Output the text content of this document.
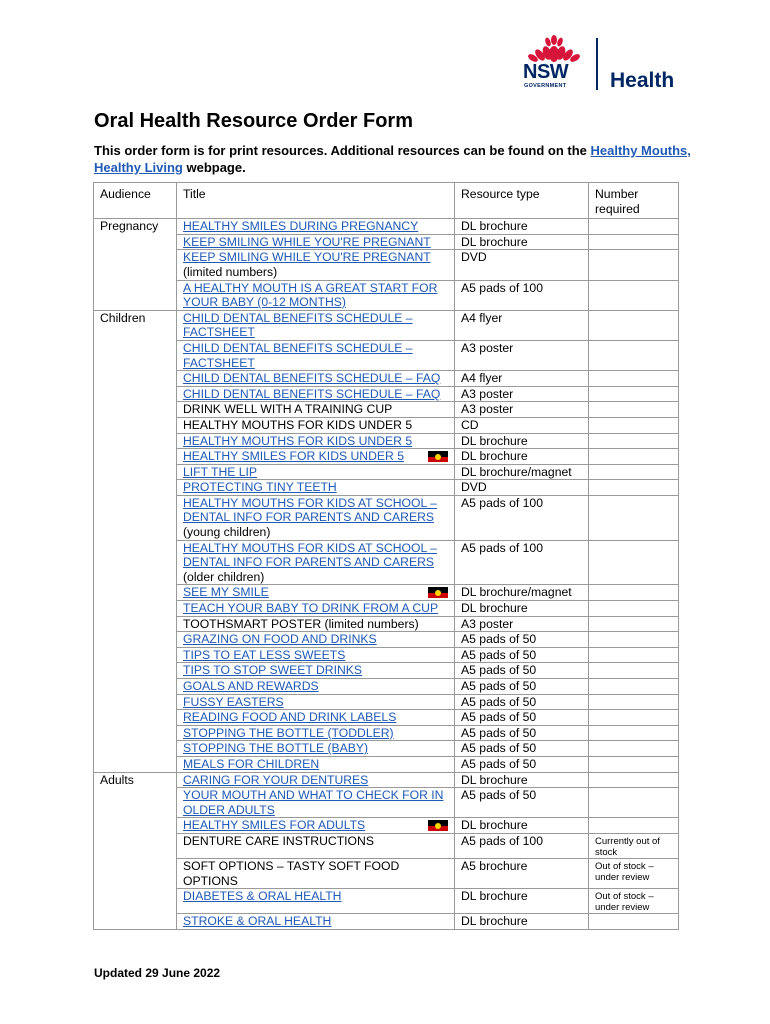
NSW
GOVERNMENT Health
Oral Health Resource Order Form

This order form is for print resources. Additional resources can be found on the Healthy Mouths, Healthy Living webpage.

Audience	Title	Resource type	Number required
Pregnancy	HEALTHY SMILES DURING PREGNANCY	DL brochure	
	KEEP SMILING WHILE YOU'RE PREGNANT	DL brochure	
	KEEP SMILING WHILE YOU'RE PREGNANT (limited numbers)	DVD	
	A HEALTHY MOUTH IS A GREAT START FOR YOUR BABY (0-12 MONTHS)	A5 pads of 100	
Children	CHILD DENTAL BENEFITS SCHEDULE – FACTSHEET	A4 flyer	
	CHILD DENTAL BENEFITS SCHEDULE – FACTSHEET	A3 poster	
	CHILD DENTAL BENEFITS SCHEDULE – FAQ	A4 flyer	
	CHILD DENTAL BENEFITS SCHEDULE – FAQ	A3 poster	
	DRINK WELL WITH A TRAINING CUP	A3 poster	
	HEALTHY MOUTHS FOR KIDS UNDER 5	CD	
	HEALTHY MOUTHS FOR KIDS UNDER 5	DL brochure	
	HEALTHY SMILES FOR KIDS UNDER 5	DL brochure	
	LIFT THE LIP	DL brochure/magnet	
	PROTECTING TINY TEETH	DVD	
	HEALTHY MOUTHS FOR KIDS AT SCHOOL – DENTAL INFO FOR PARENTS AND CARERS (young children)	A5 pads of 100	
	HEALTHY MOUTHS FOR KIDS AT SCHOOL – DENTAL INFO FOR PARENTS AND CARERS (older children)	A5 pads of 100	
	SEE MY SMILE	DL brochure/magnet	
	TEACH YOUR BABY TO DRINK FROM A CUP	DL brochure	
	TOOTHSMART POSTER (limited numbers)	A3 poster	
	GRAZING ON FOOD AND DRINKS	A5 pads of 50	
	TIPS TO EAT LESS SWEETS	A5 pads of 50	
	TIPS TO STOP SWEET DRINKS	A5 pads of 50	
	GOALS AND REWARDS	A5 pads of 50	
	FUSSY EASTERS	A5 pads of 50	
	READING FOOD AND DRINK LABELS	A5 pads of 50	
	STOPPING THE BOTTLE (TODDLER)	A5 pads of 50	
	STOPPING THE BOTTLE (BABY)	A5 pads of 50	
	MEALS FOR CHILDREN	A5 pads of 50	
Adults	CARING FOR YOUR DENTURES	DL brochure	
	YOUR MOUTH AND WHAT TO CHECK FOR IN OLDER ADULTS	A5 pads of 50	
	HEALTHY SMILES FOR ADULTS	DL brochure	
	DENTURE CARE INSTRUCTIONS	A5 pads of 100	Currently out of stock
	SOFT OPTIONS – TASTY SOFT FOOD OPTIONS	A5 brochure	Out of stock – under review
	DIABETES & ORAL HEALTH	DL brochure	Out of stock – under review
	STROKE & ORAL HEALTH	DL brochure	
Updated 29 June 2022
